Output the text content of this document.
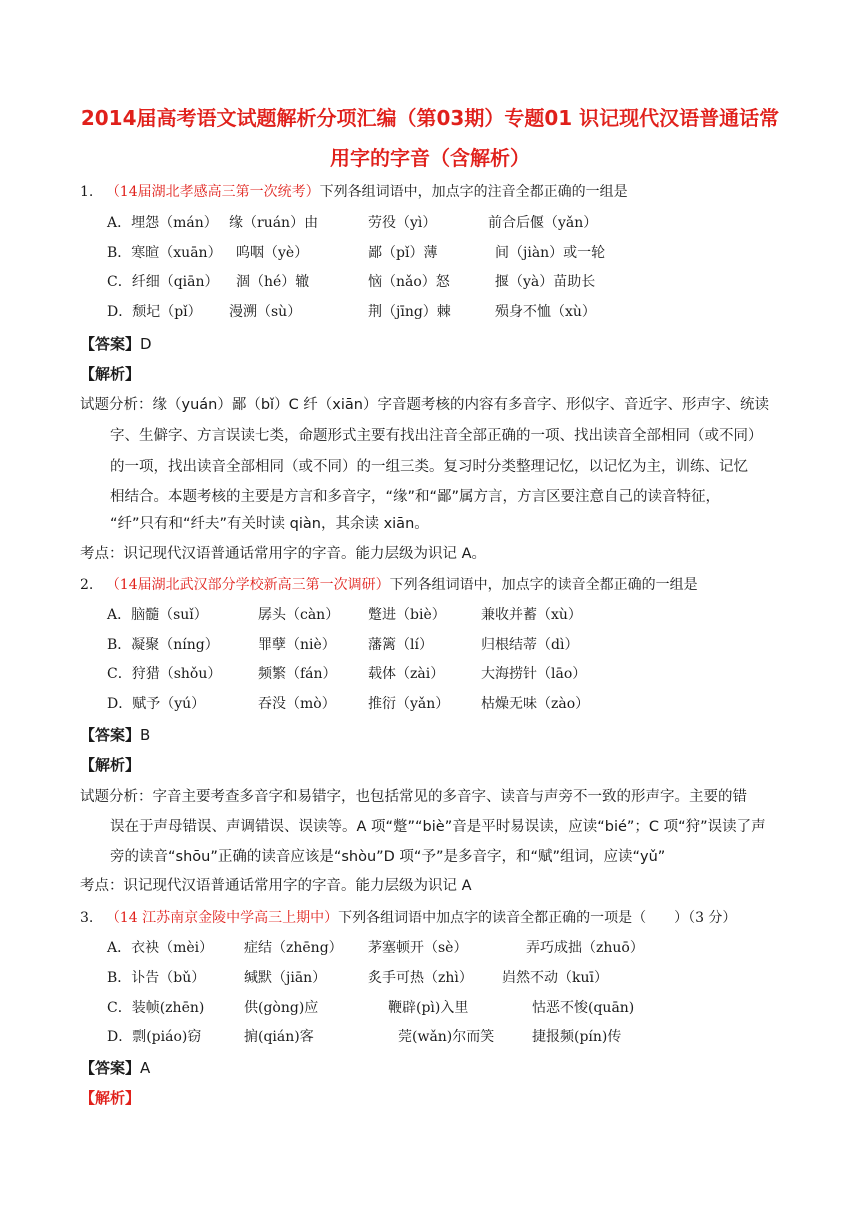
2014届高考语文试题解析分项汇编（第03期）专题01 识记现代汉语普通话常
用字的字音（含解析）
1. （14届湖北孝感高三第一次统考）下列各组词语中，加点字的注音全都正确的一组是
A．埋怨（mán） 缘（ruán）由	劳役（yì）	前合后偃（yǎn）
B．寒暄（xuān） 呜咽（yè）	鄙（pǐ）薄	间（jiàn）或一轮
C．纤细（qiān） 涸（hé）辙	恼（nǎo）怒	揠（yà）苗助长
D．颓圮（pǐ） 漫溯（sù）	荆（jīng）棘	殒身不恤（xù）
【答案】D
【解析】
试题分析：缘（yuán）鄙（bǐ）C 纤（xiān）字音题考核的内容有多音字、形似字、音近字、形声字、统读
字、生僻字、方言误读七类，命题形式主要有找出注音全部正确的一项、找出读音全部相同（或不同）
的一项，找出读音全部相同（或不同）的一组三类。复习时分类整理记忆，以记忆为主，训练、记忆
相结合。本题考核的主要是方言和多音字，“缘”和“鄙”属方言，方言区要注意自己的读音特征，
“纤”只有和“纤夫”有关时读 qiàn，其余读 xiān。
考点：识记现代汉语普通话常用字的字音。能力层级为识记 A。
2. （14届湖北武汉部分学校新高三第一次调研）下列各组词语中，加点字的读音全都正确的一组是
A．脑髓（suǐ）	孱头（càn） 蹩进（biè）	兼收并蓄（xù）
B．凝聚（níng）	罪孽（niè） 藩篱（lí）	归根结蒂（dì）
C．狩猎（shǒu）	频繁（fán） 载体（zài）	大海捞针（lāo）
D．赋予（yú）	吞没（mò） 推衍（yǎn） 枯燥无味（zào）
【答案】B
【解析】
试题分析：字音主要考查多音字和易错字，也包括常见的多音字、读音与声旁不一致的形声字。主要的错
误在于声母错误、声调错误、误读等。A 项“蹩”“biè”音是平时易误读，应读“bié”；C 项“狩”误读了声
旁的读音“shōu”正确的读音应该是“shòu”D 项“予”是多音字，和“赋”组词，应读“yǔ”
考点：识记现代汉语普通话常用字的字音。能力层级为识记 A
3. （14 江苏南京金陵中学高三上期中）下列各组词语中加点字的读音全都正确的一项是（　　）（3 分）
A．衣袂（mèi） 症结（zhēng） 茅塞顿开（sè）	弄巧成拙（zhuō）
B．讣告（bǔ）	缄默（jiān）	炙手可热（zhì） 岿然不动（kuī）
C．装帧(zhēn)	供(gòng)应	鞭辟(pì)入里	怙恶不悛(quān)
D．剽(piáo)窃	掮(qián)客	莞(wǎn)尔而笑	捷报频(pín)传
【答案】A
【解析】
